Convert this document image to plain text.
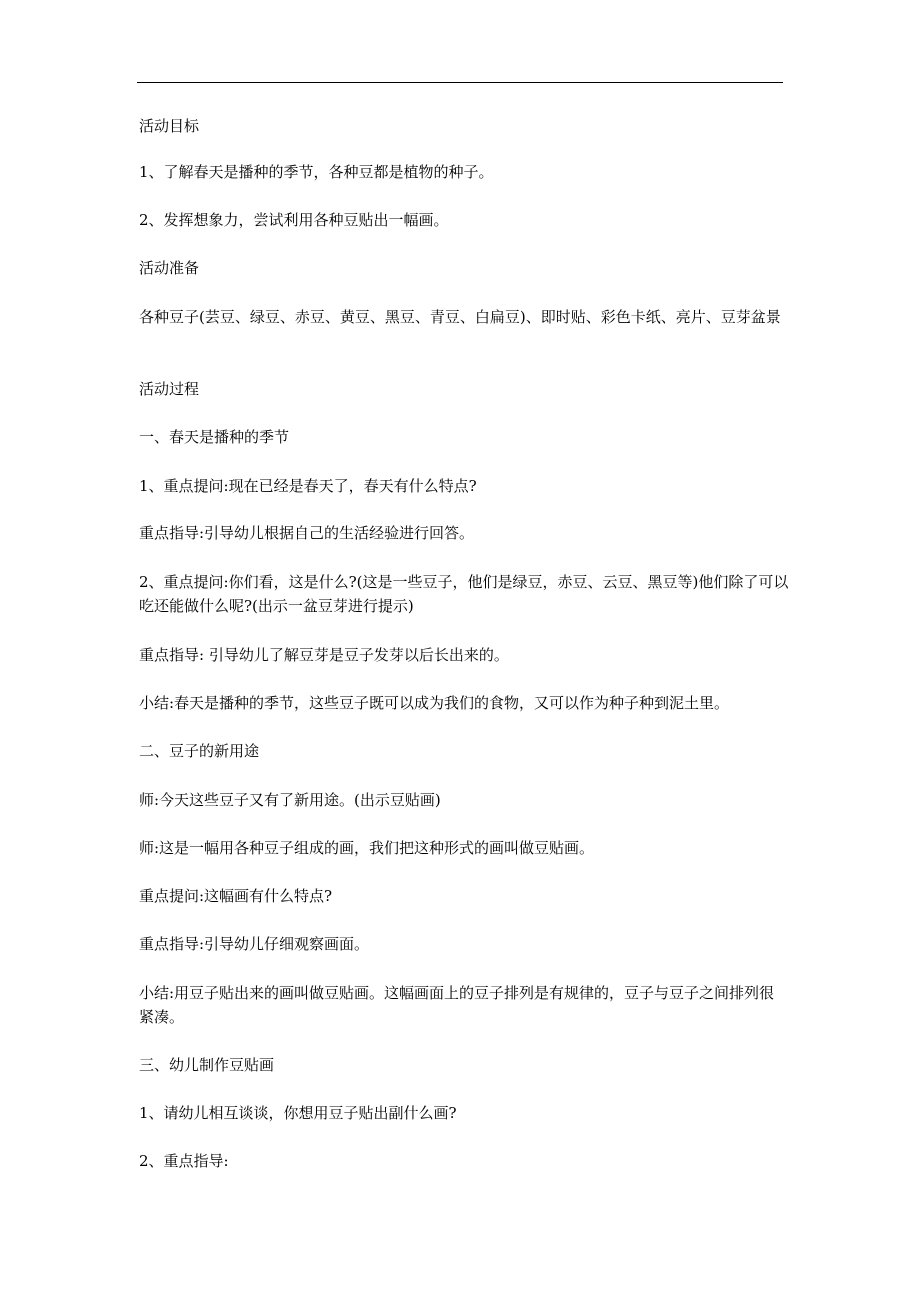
活动目标
1、了解春天是播种的季节，各种豆都是植物的种子。
2、发挥想象力，尝试利用各种豆贴出一幅画。
活动准备
各种豆子(芸豆、绿豆、赤豆、黄豆、黑豆、青豆、白扁豆)、即时贴、彩色卡纸、亮片、豆芽盆景
活动过程
一、春天是播种的季节
1、重点提问:现在已经是春天了，春天有什么特点?
重点指导:引导幼儿根据自己的生活经验进行回答。
2、重点提问:你们看，这是什么?(这是一些豆子，他们是绿豆，赤豆、云豆、黑豆等)他们除了可以吃还能做什么呢?(出示一盆豆芽进行提示)
重点指导: 引导幼儿了解豆芽是豆子发芽以后长出来的。
小结:春天是播种的季节，这些豆子既可以成为我们的食物，又可以作为种子种到泥土里。
二、豆子的新用途
师:今天这些豆子又有了新用途。(出示豆贴画)
师:这是一幅用各种豆子组成的画，我们把这种形式的画叫做豆贴画。
重点提问:这幅画有什么特点?
重点指导:引导幼儿仔细观察画面。
小结:用豆子贴出来的画叫做豆贴画。这幅画面上的豆子排列是有规律的，豆子与豆子之间排列很紧凑。
三、幼儿制作豆贴画
1、请幼儿相互谈谈，你想用豆子贴出副什么画?
2、重点指导:
